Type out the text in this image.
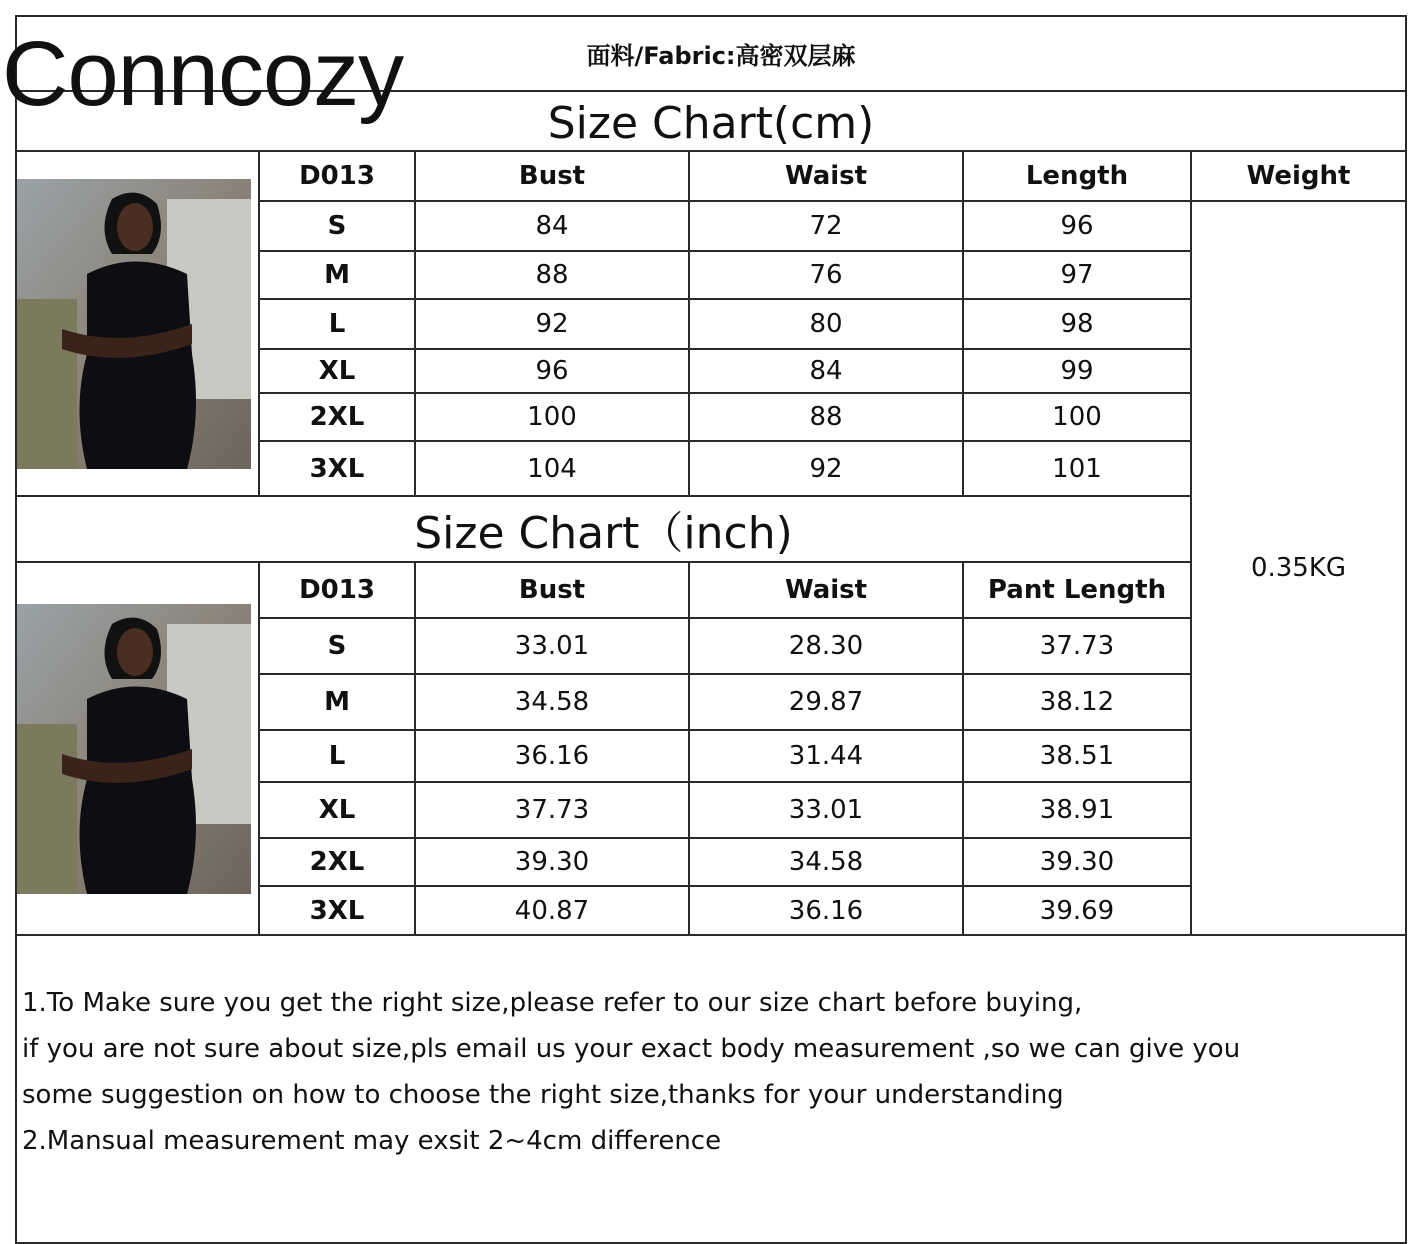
面料/Fabric:高密双层麻					
Size Chart(cm)					

	D013	Bust	Waist	Length	Weight
	S	84	72	96	0.35KG
	M	88	76	97	
	L	92	80	98	
	XL	96	84	99	
	2XL	100	88	100	
	3XL	104	92	101	
Size Chart（inch)					

	D013	Bust	Waist	Pant Length	
	S	33.01	28.30	37.73	
	M	34.58	29.87	38.12	
	L	36.16	31.44	38.51	
	XL	37.73	33.01	38.91	
	2XL	39.30	34.58	39.30	
	3XL	40.87	36.16	39.69	

1.To Make sure you get the right size,please refer to our size chart before buying,
if you are not sure about size,pls email us your exact body measurement ,so we can give you
some suggestion on how to choose the right size,thanks for your understanding
2.Mansual measurement may exsit 2~4cm difference					
Conncozy
